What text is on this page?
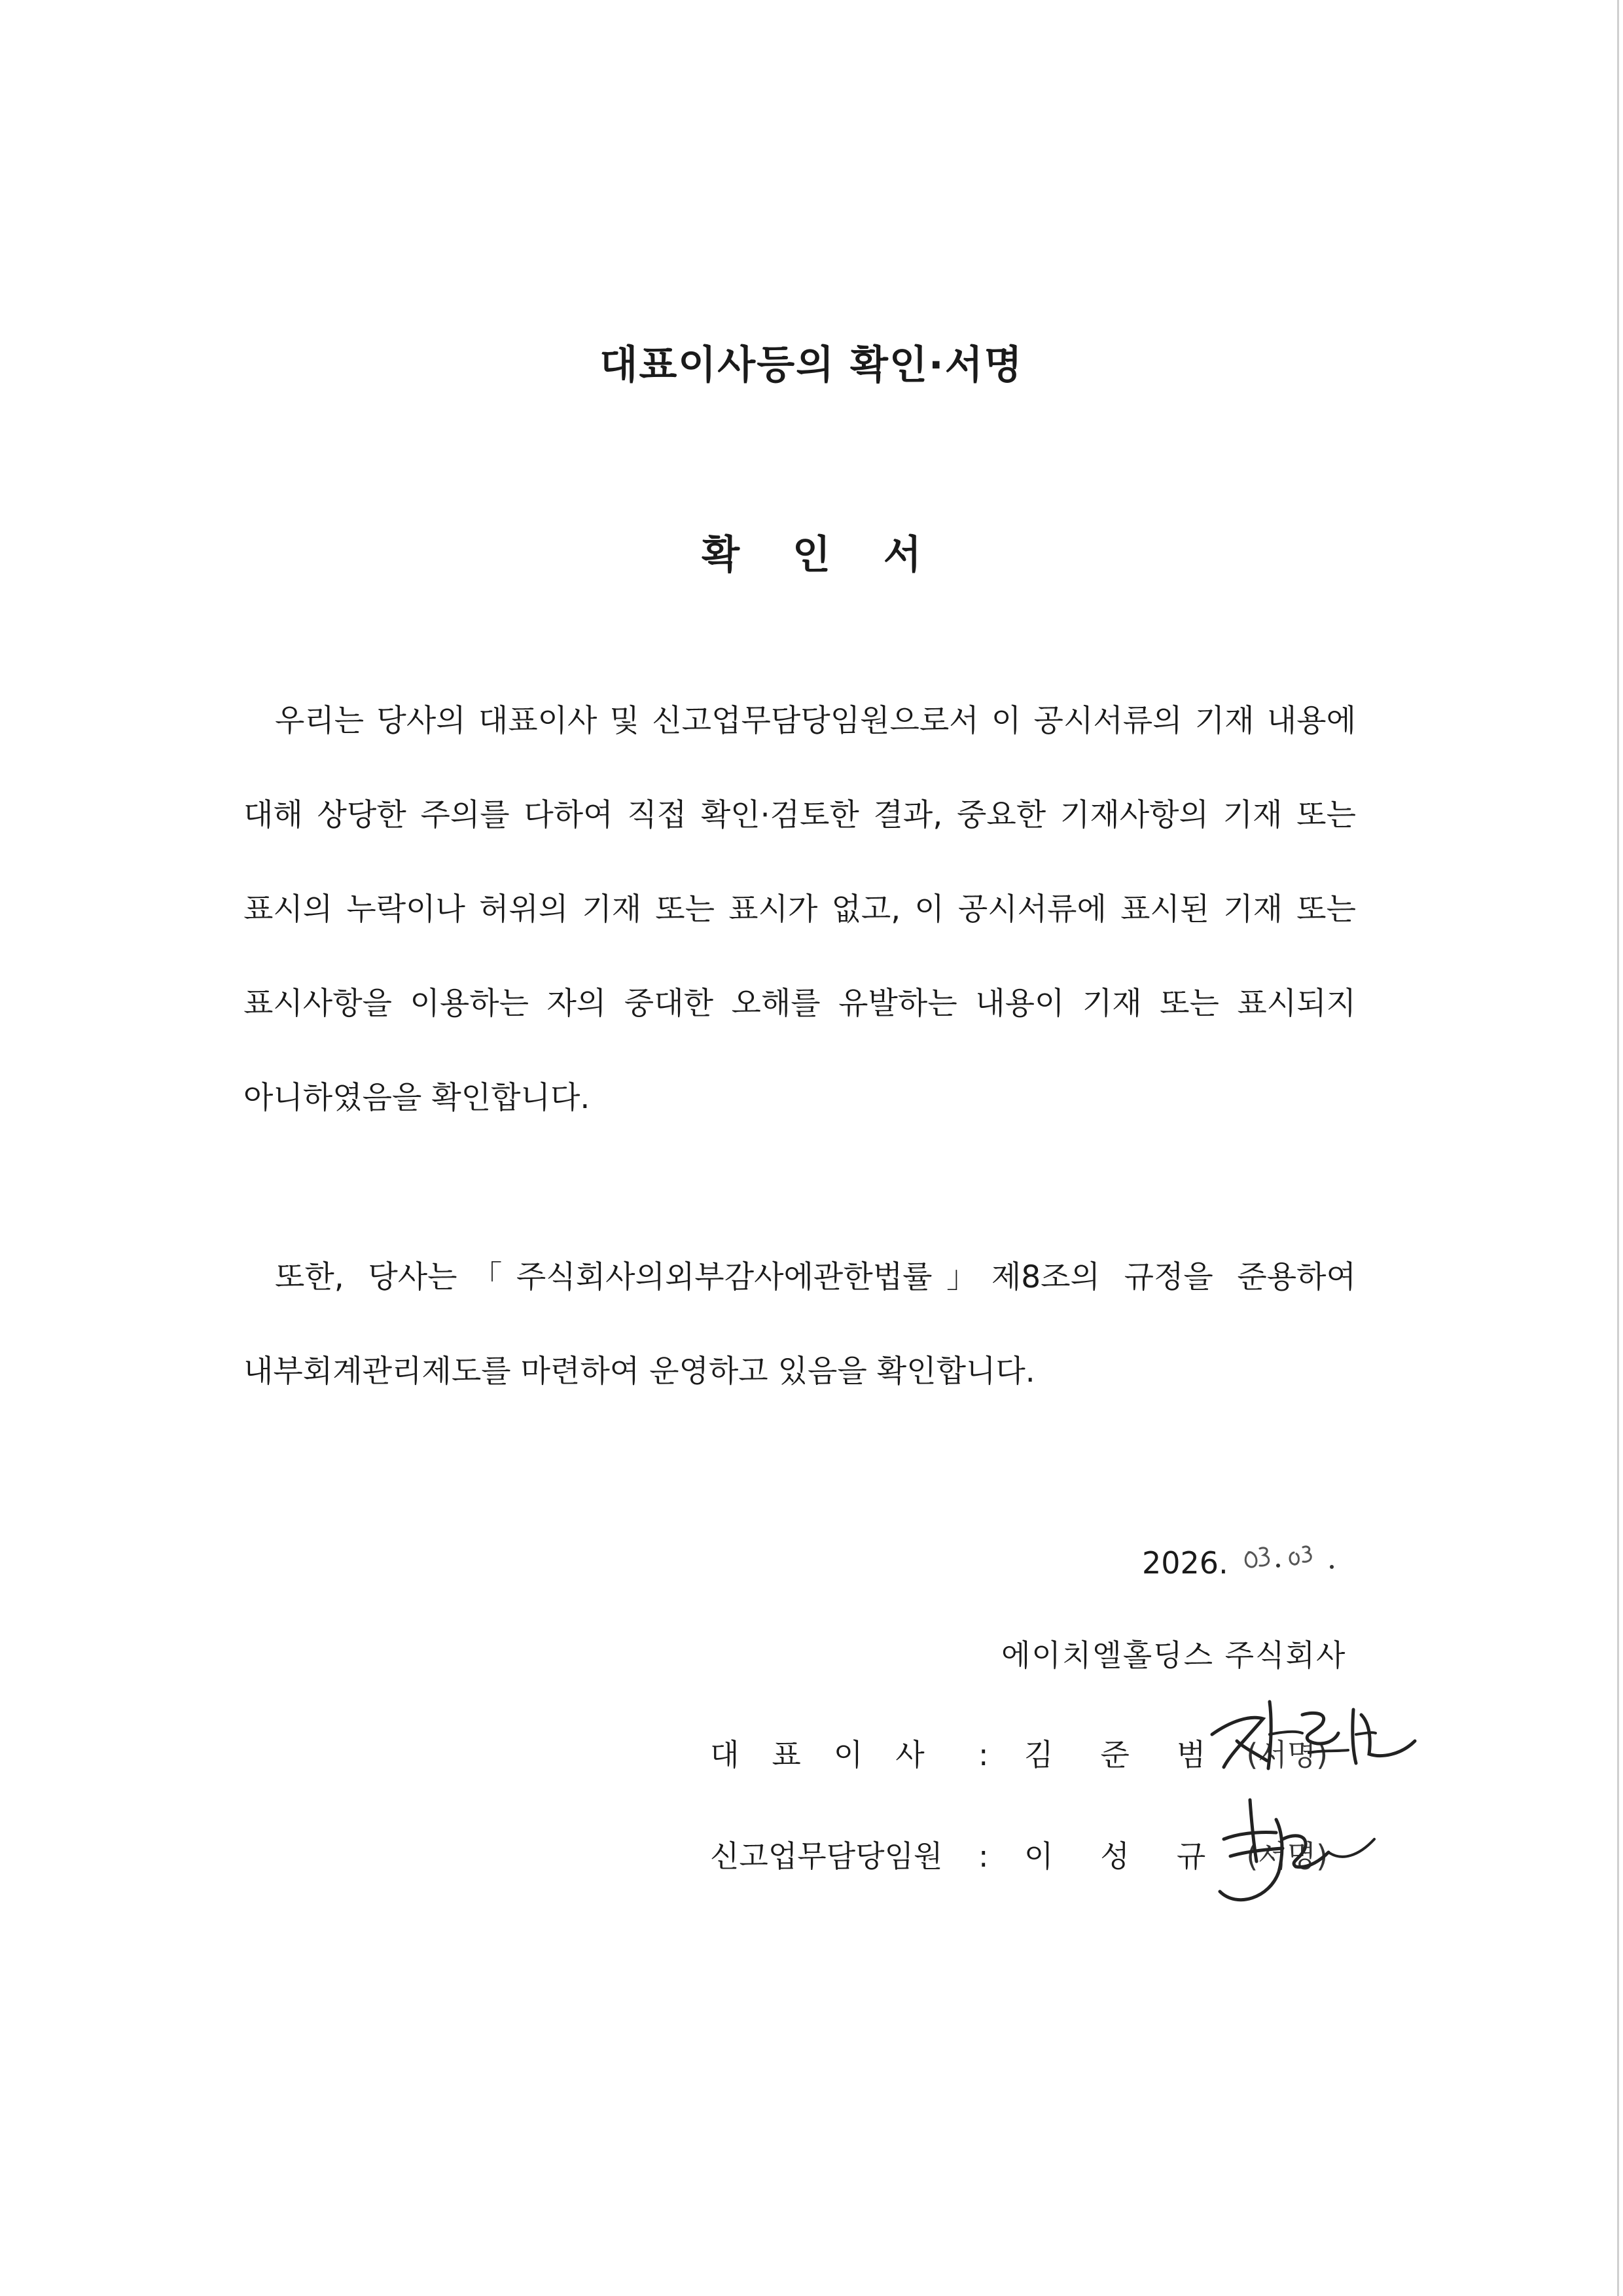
대표이사등의 확인·서명
확 인 서
우리는 당사의 대표이사 및 신고업무담당임원으로서 이 공시서류의 기재 내용에 대해 상당한 주의를 다하여 직접 확인·검토한 결과, 중요한 기재사항의 기재 또는 표시의 누락이나 허위의 기재 또는 표시가 없고, 이 공시서류에 표시된 기재 또는 표시사항을 이용하는 자의 중대한 오해를 유발하는 내용이 기재 또는 표시되지 아니하였음을 확인합니다.
또한, 당사는「주식회사의외부감사에관한법률」제8조의 규정을 준용하여 내부회계관리제도를 마련하여 운영하고 있음을 확인합니다.
2026.
에이치엘홀딩스 주식회사
대표이사 : 김준범(서명)
신고업무담당임원 : 이성규(서명)
